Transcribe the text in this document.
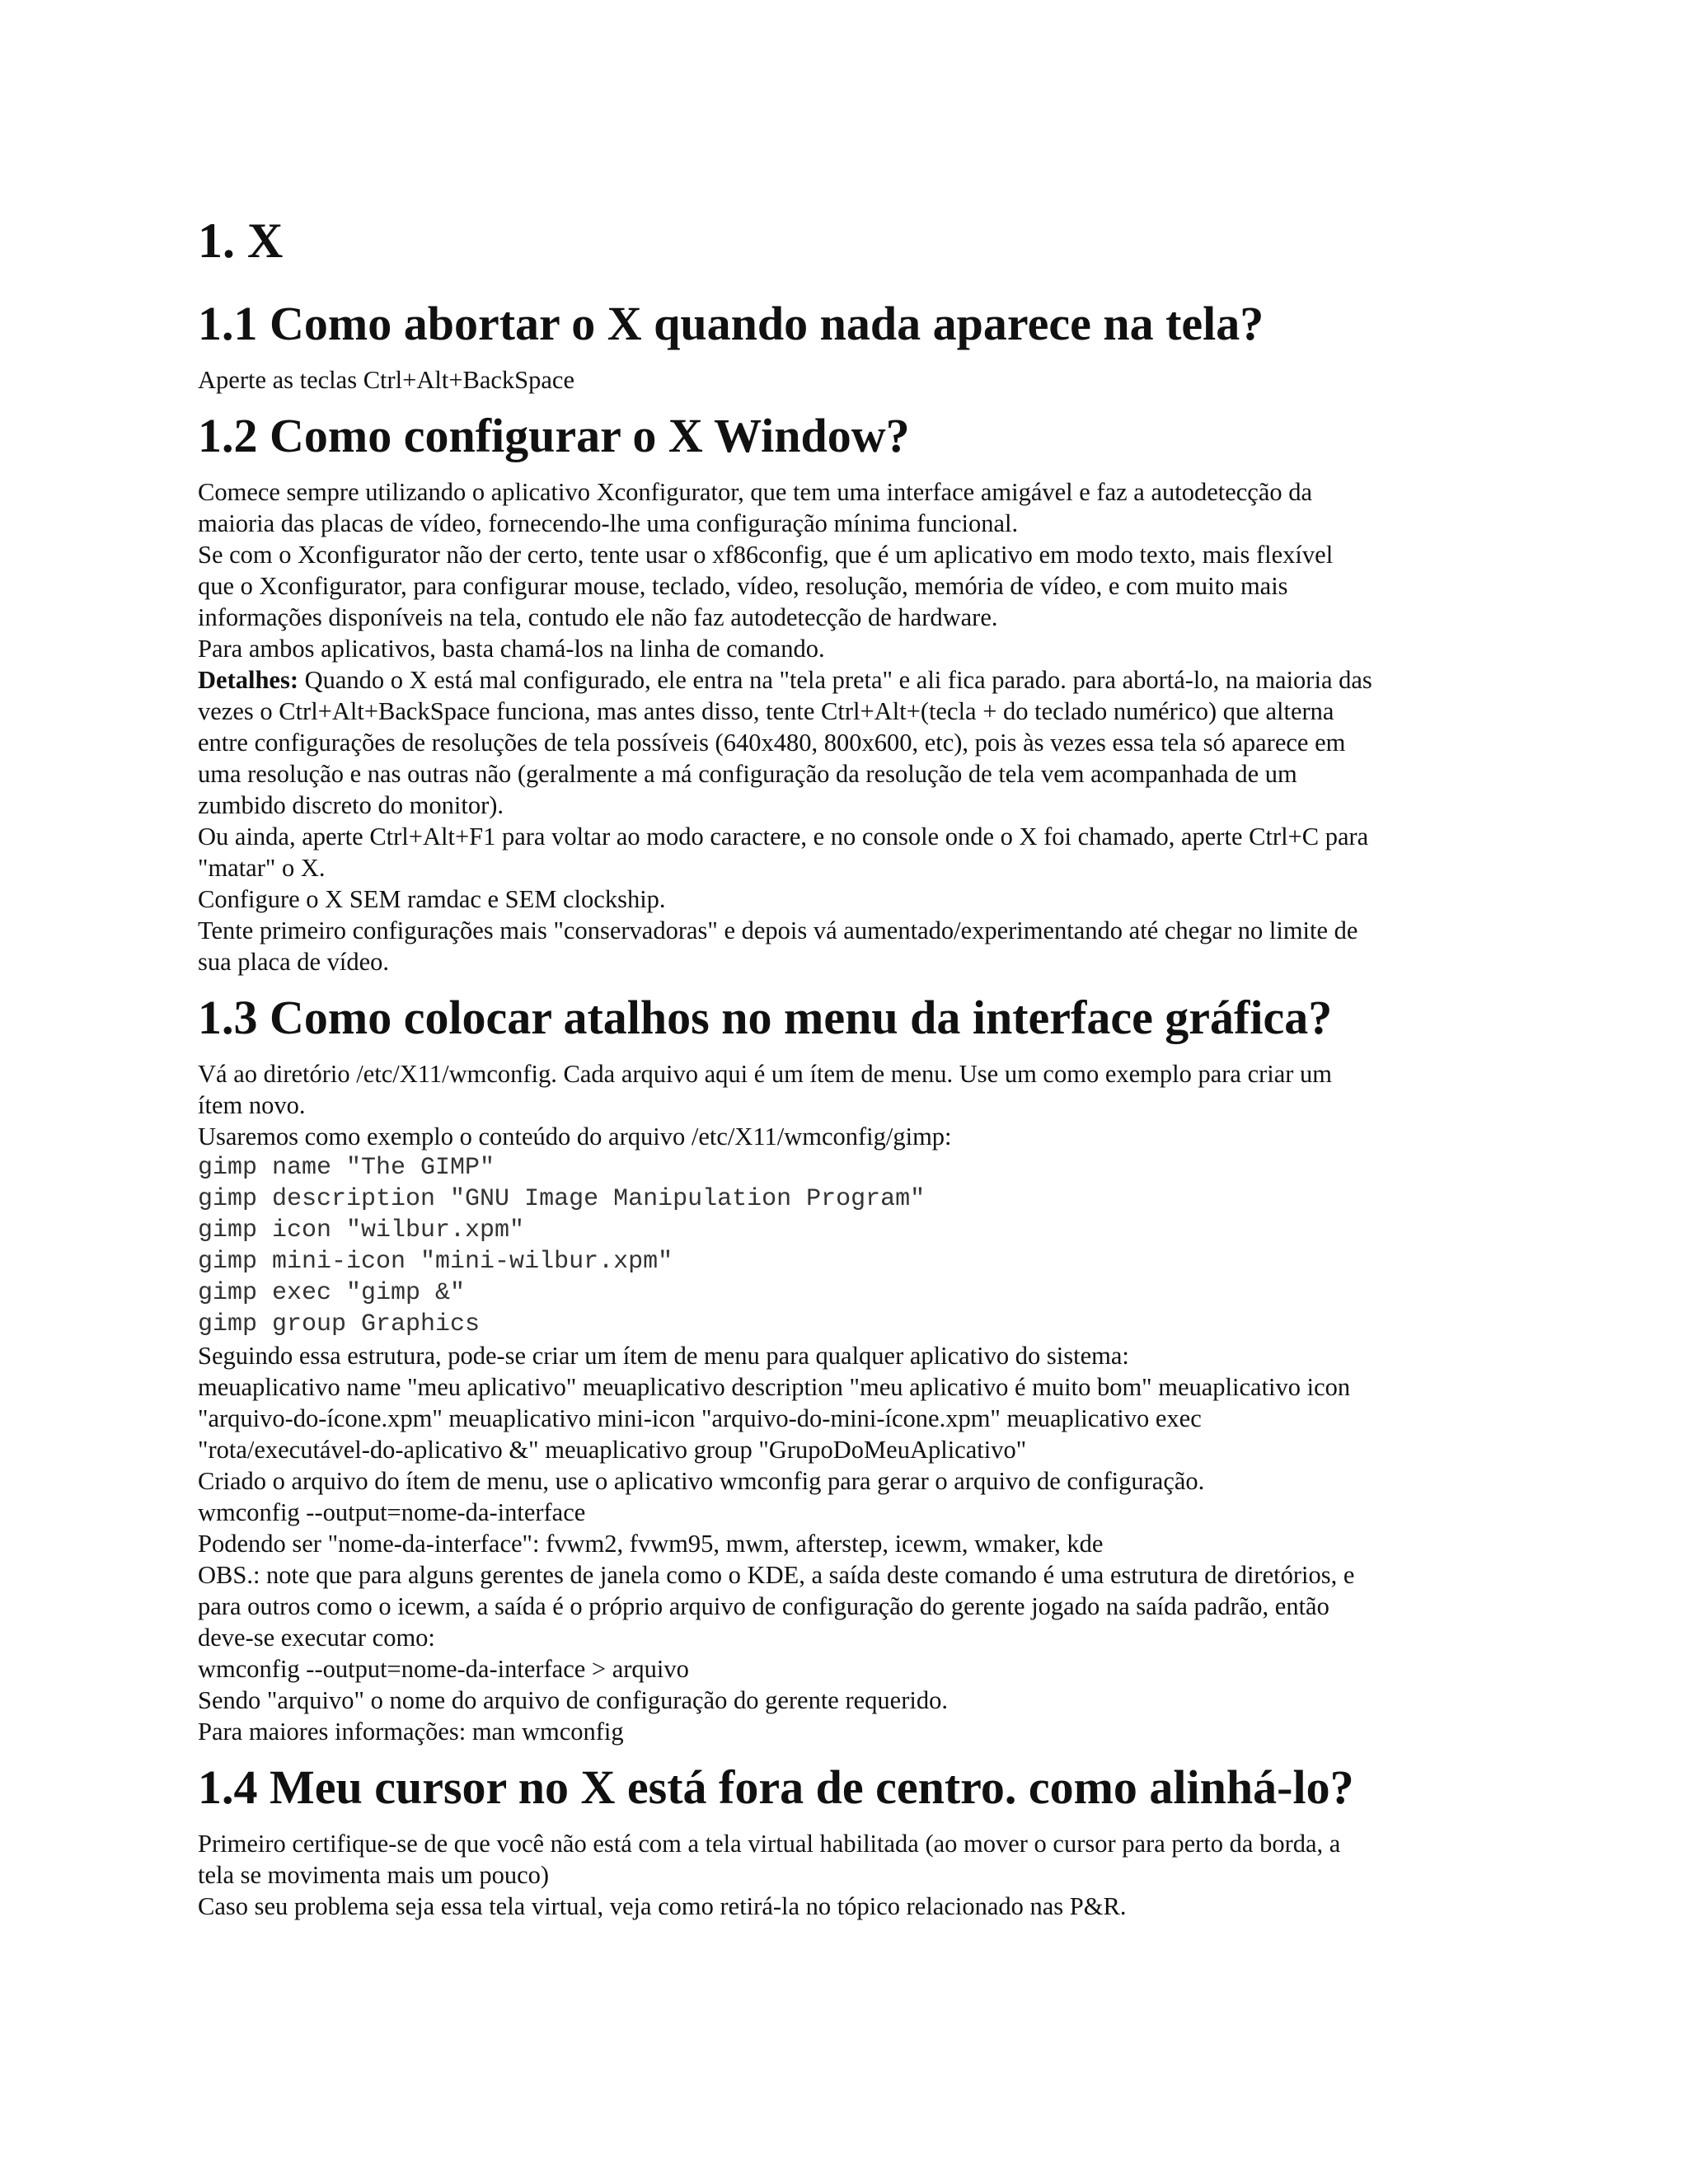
1. X
1.1 Como abortar o X quando nada aparece na tela?

Aperte as teclas Ctrl+Alt+BackSpace

1.2 Como configurar o X Window?

Comece sempre utilizando o aplicativo Xconfigurator, que tem uma interface amigável e faz a autodetecção da

maioria das placas de vídeo, fornecendo-lhe uma configuração mínima funcional.

Se com o Xconfigurator não der certo, tente usar o xf86config, que é um aplicativo em modo texto, mais flexível

que o Xconfigurator, para configurar mouse, teclado, vídeo, resolução, memória de vídeo, e com muito mais

informações disponíveis na tela, contudo ele não faz autodetecção de hardware.

Para ambos aplicativos, basta chamá-los na linha de comando.

Detalhes: Quando o X está mal configurado, ele entra na "tela preta" e ali fica parado. para abortá-lo, na maioria das

vezes o Ctrl+Alt+BackSpace funciona, mas antes disso, tente Ctrl+Alt+(tecla + do teclado numérico) que alterna

entre configurações de resoluções de tela possíveis (640x480, 800x600, etc), pois às vezes essa tela só aparece em

uma resolução e nas outras não (geralmente a má configuração da resolução de tela vem acompanhada de um

zumbido discreto do monitor).

Ou ainda, aperte Ctrl+Alt+F1 para voltar ao modo caractere, e no console onde o X foi chamado, aperte Ctrl+C para

"matar" o X.

Configure o X SEM ramdac e SEM clockship.

Tente primeiro configurações mais "conservadoras" e depois vá aumentado/experimentando até chegar no limite de

sua placa de vídeo.

1.3 Como colocar atalhos no menu da interface gráfica?

Vá ao diretório /etc/X11/wmconfig. Cada arquivo aqui é um ítem de menu. Use um como exemplo para criar um

ítem novo.

Usaremos como exemplo o conteúdo do arquivo /etc/X11/wmconfig/gimp:

gimp name "The GIMP"

gimp description "GNU Image Manipulation Program"

gimp icon "wilbur.xpm"

gimp mini-icon "mini-wilbur.xpm"

gimp exec "gimp &"

gimp group Graphics

Seguindo essa estrutura, pode-se criar um ítem de menu para qualquer aplicativo do sistema:

meuaplicativo name "meu aplicativo" meuaplicativo description "meu aplicativo é muito bom" meuaplicativo icon

"arquivo-do-ícone.xpm" meuaplicativo mini-icon "arquivo-do-mini-ícone.xpm" meuaplicativo exec

"rota/executável-do-aplicativo &" meuaplicativo group "GrupoDoMeuAplicativo"

Criado o arquivo do ítem de menu, use o aplicativo wmconfig para gerar o arquivo de configuração.

wmconfig --output=nome-da-interface

Podendo ser "nome-da-interface": fvwm2, fvwm95, mwm, afterstep, icewm, wmaker, kde

OBS.: note que para alguns gerentes de janela como o KDE, a saída deste comando é uma estrutura de diretórios, e

para outros como o icewm, a saída é o próprio arquivo de configuração do gerente jogado na saída padrão, então

deve-se executar como:

wmconfig --output=nome-da-interface > arquivo

Sendo "arquivo" o nome do arquivo de configuração do gerente requerido.

Para maiores informações: man wmconfig

1.4 Meu cursor no X está fora de centro. como alinhá-lo?

Primeiro certifique-se de que você não está com a tela virtual habilitada (ao mover o cursor para perto da borda, a

tela se movimenta mais um pouco)

Caso seu problema seja essa tela virtual, veja como retirá-la no tópico relacionado nas P&R.
